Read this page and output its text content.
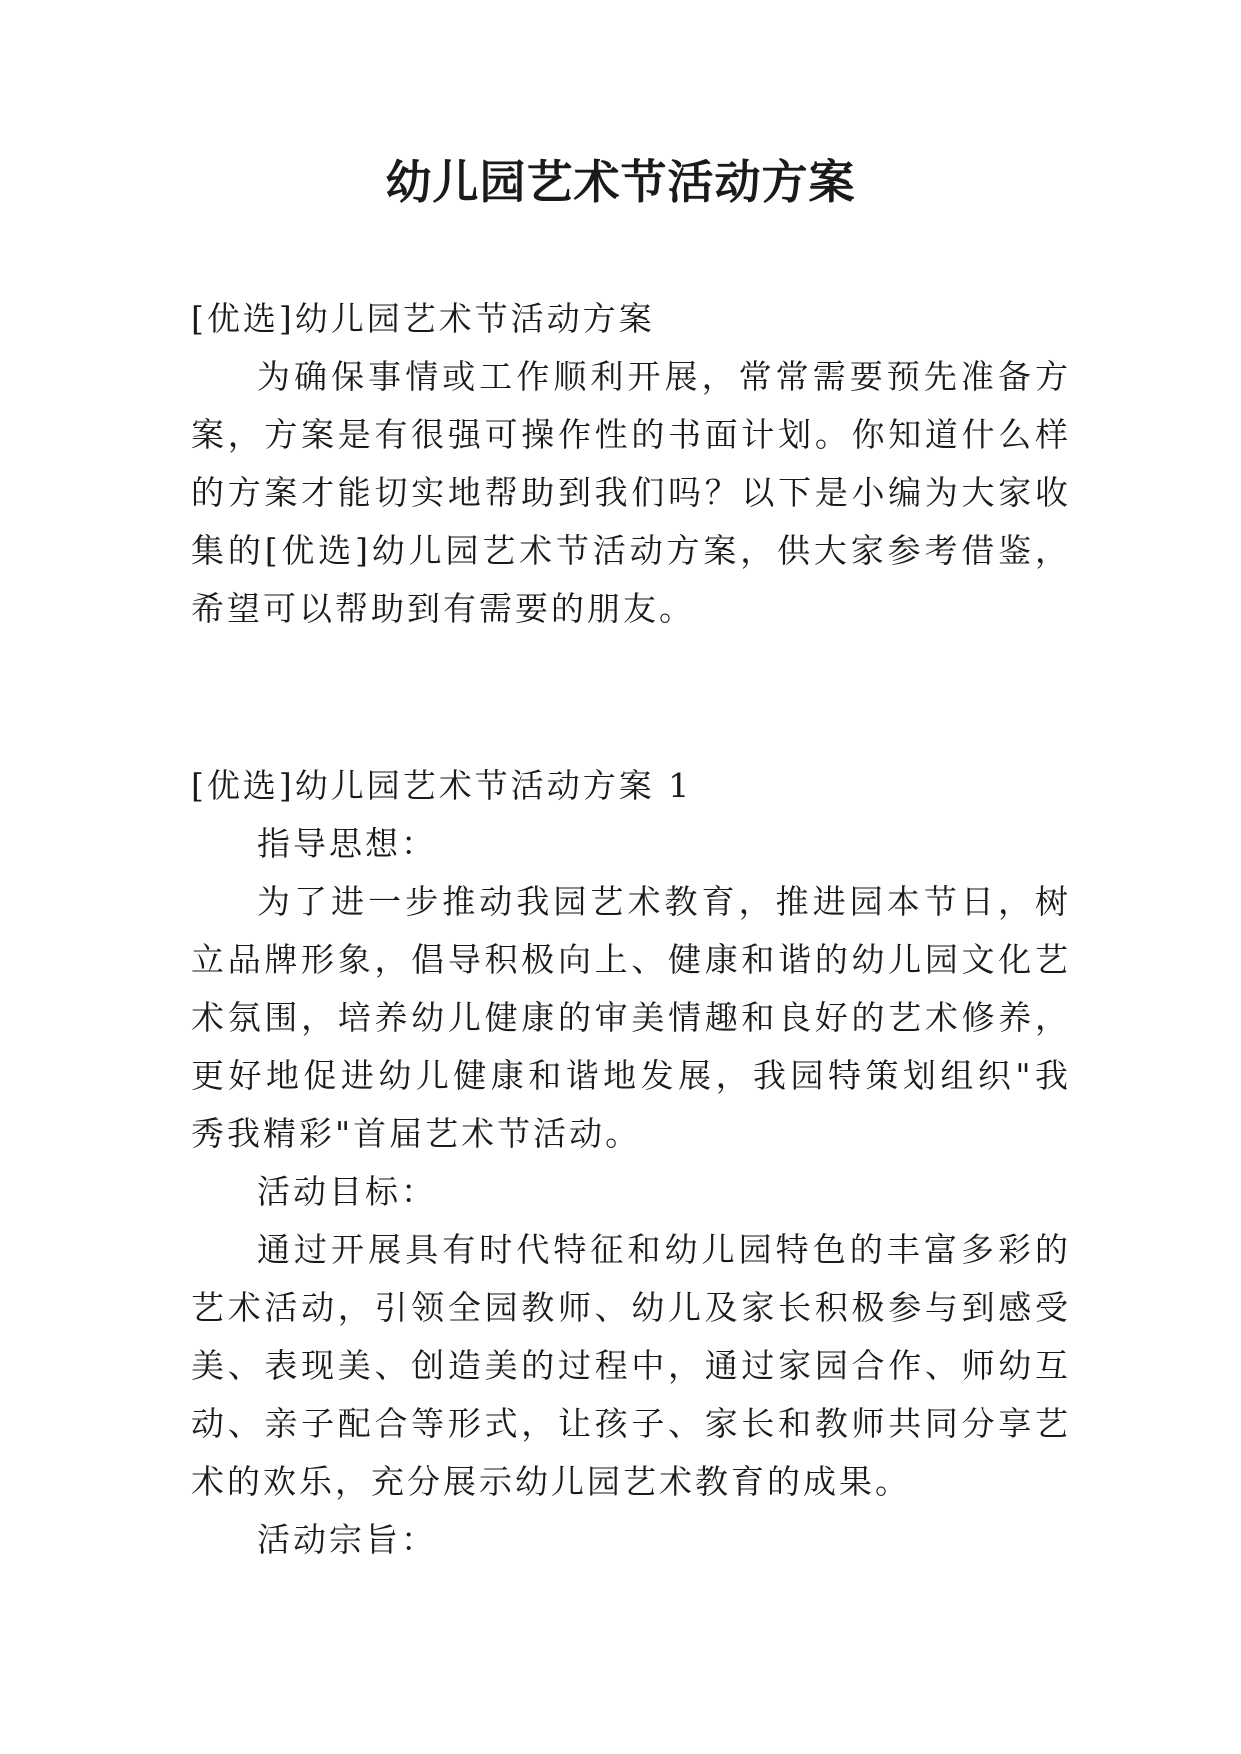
幼儿园艺术节活动方案

[优选]幼儿园艺术节活动方案

为确保事情或工作顺利开展，常常需要预先准备方案，方案是有很强可操作性的书面计划。你知道什么样的方案才能切实地帮助到我们吗？以下是小编为大家收集的[优选]幼儿园艺术节活动方案，供大家参考借鉴，希望可以帮助到有需要的朋友。

[优选]幼儿园艺术节活动方案 1

指导思想：

为了进一步推动我园艺术教育，推进园本节日，树立品牌形象，倡导积极向上、健康和谐的幼儿园文化艺术氛围，培养幼儿健康的审美情趣和良好的艺术修养，更好地促进幼儿健康和谐地发展，我园特策划组织"我秀我精彩"首届艺术节活动。

活动目标：

通过开展具有时代特征和幼儿园特色的丰富多彩的艺术活动，引领全园教师、幼儿及家长积极参与到感受美、表现美、创造美的过程中，通过家园合作、师幼互动、亲子配合等形式，让孩子、家长和教师共同分享艺术的欢乐，充分展示幼儿园艺术教育的成果。

活动宗旨：
